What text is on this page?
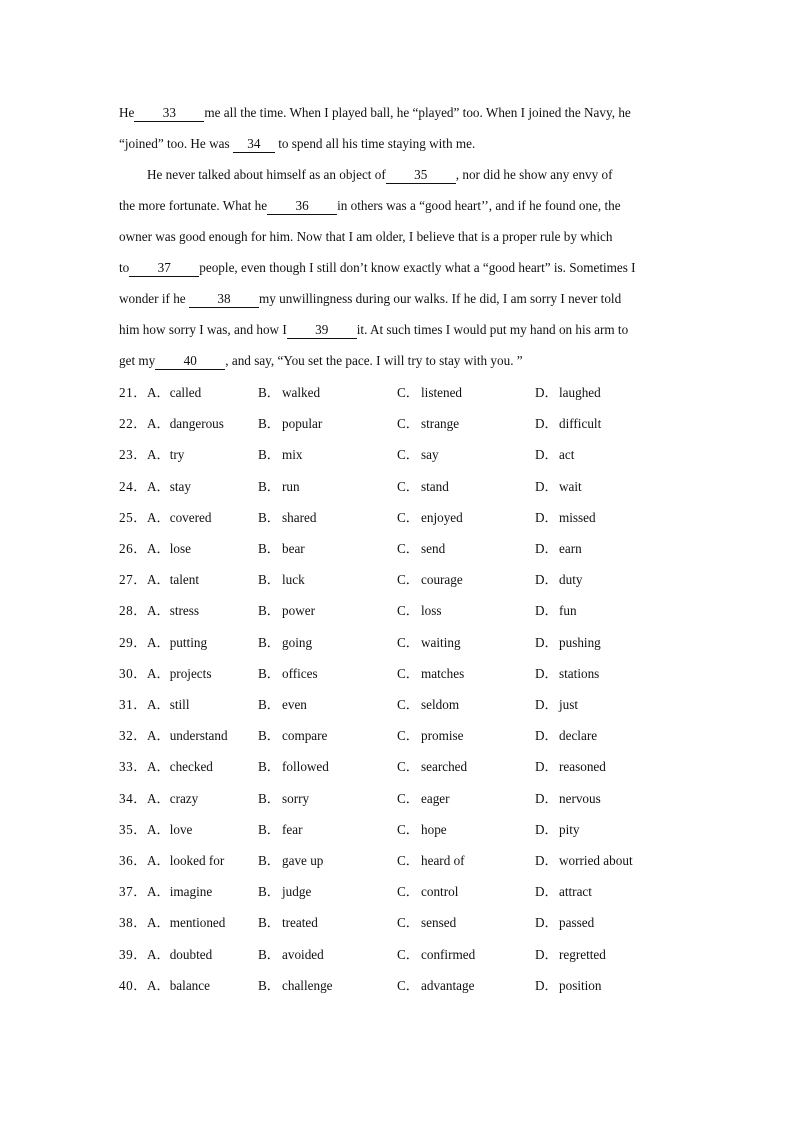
He 33 me all the time. When I played ball, he “played” too. When I joined the Navy, he
“joined” too. He was 34 to spend all his time staying with me.
He never talked about himself as an object of 35 , nor did he show any envy of
the more fortunate. What he 36 in others was a “good heart’’, and if he found one, the
owner was good enough for him. Now that I am older, I believe that is a proper rule by which
to 37 people, even though I still don’t know exactly what a “good heart” is. Sometimes I
wonder if he 38 my unwillingness during our walks. If he did, I am sorry I never told
him how sorry I was, and how I 39 it. At such times I would put my hand on his arm to
get my 40 , and say, “You set the pace. I will try to stay with you. ”
21． A．called	B． walked	C． listened	D．laughed
22． A．dangerous	B． popular	C． strange	D．difficult
23． A．try	B． mix	C． say	D．act
24． A．stay	B． run	C． stand	D．wait
25． A．covered	B． shared	C． enjoyed	D．missed
26． A．lose	B． bear	C． send	D．earn
27． A．talent	B． luck	C． courage	D．duty
28． A．stress	B． power	C． loss	D．fun
29． A．putting	B． going	C． waiting	D．pushing
30． A．projects	B． offices	C． matches	D．stations
31． A．still	B． even	C． seldom	D．just
32． A．understand B． compare	C． promise	D．declare
33． A．checked	B． followed	C． searched	D．reasoned
34． A．crazy	B． sorry	C． eager	D．nervous
35． A．love	B． fear	C． hope	D．pity
36． A．looked for	B． gave up	C． heard of	D．worried about
37． A．imagine	B． judge	C． control	D．attract
38． A．mentioned B． treated	C． sensed	D．passed
39． A．doubted	B． avoided	C． confirmed	D．regretted
40． A．balance	B． challenge	C． advantage	D．position
